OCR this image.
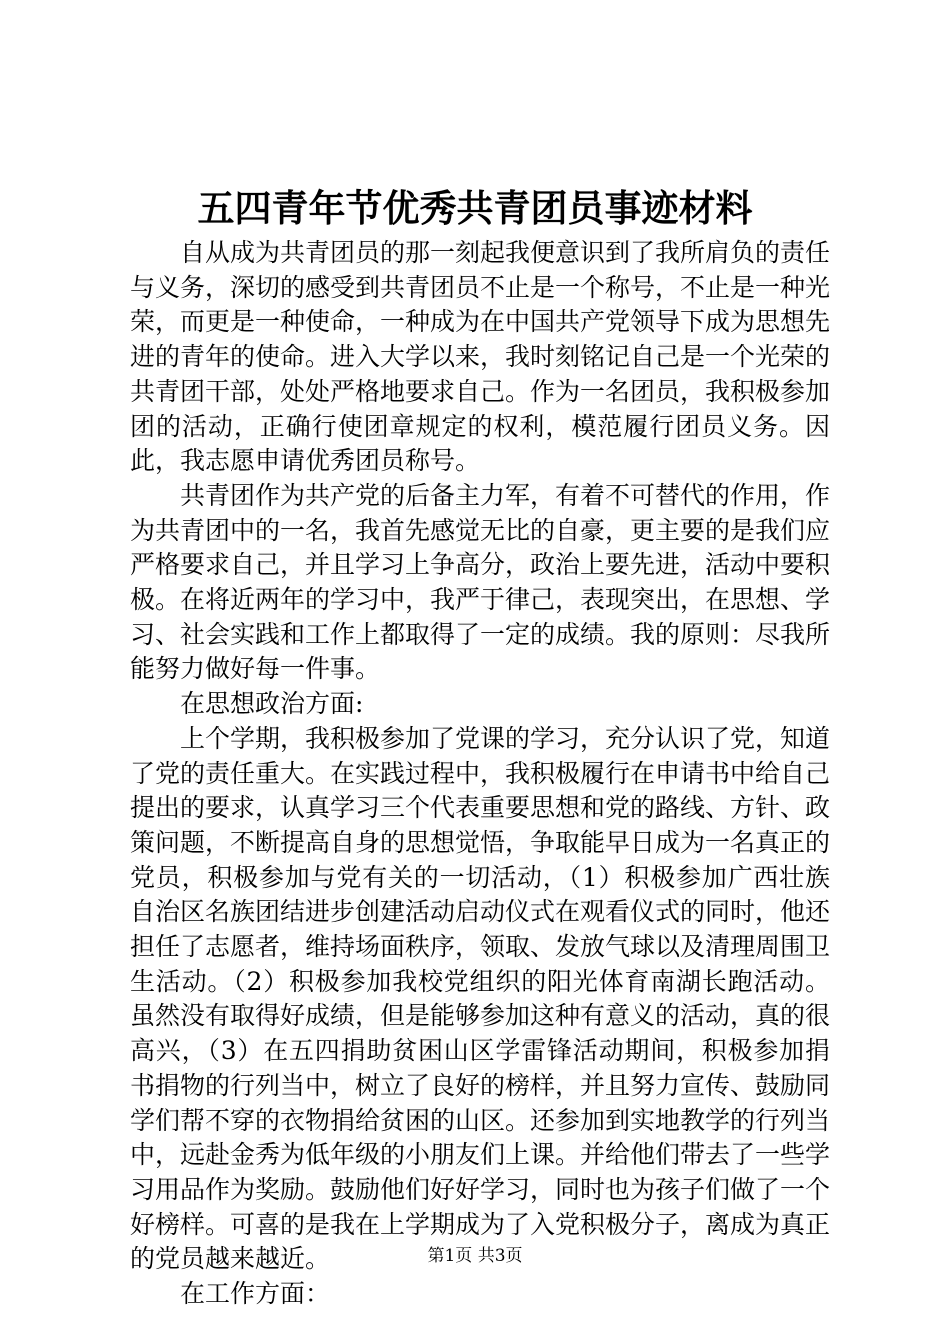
五四青年节优秀共青团员事迹材料

自从成为共青团员的那一刻起我便意识到了我所肩负的责任与义务，深切的感受到共青团员不止是一个称号，不止是一种光荣，而更是一种使命，一种成为在中国共产党领导下成为思想先进的青年的使命。进入大学以来，我时刻铭记自己是一个光荣的共青团干部，处处严格地要求自己。作为一名团员，我积极参加团的活动，正确行使团章规定的权利，模范履行团员义务。因此，我志愿申请优秀团员称号。

共青团作为共产党的后备主力军，有着不可替代的作用，作为共青团中的一名，我首先感觉无比的自豪，更主要的是我们应严格要求自己，并且学习上争高分，政治上要先进，活动中要积极。在将近两年的学习中，我严于律己，表现突出，在思想、学习、社会实践和工作上都取得了一定的成绩。我的原则：尽我所能努力做好每一件事。

在思想政治方面:

上个学期，我积极参加了党课的学习，充分认识了党，知道了党的责任重大。在实践过程中，我积极履行在申请书中给自己提出的要求，认真学习三个代表重要思想和党的路线、方针、政策问题，不断提高自身的思想觉悟，争取能早日成为一名真正的党员，积极参加与党有关的一切活动，（1）积极参加广西壮族自治区名族团结进步创建活动启动仪式在观看仪式的同时，他还担任了志愿者，维持场面秩序，领取、发放气球以及清理周围卫生活动。（2）积极参加我校党组织的阳光体育南湖长跑活动。虽然没有取得好成绩，但是能够参加这种有意义的活动，真的很高兴，（3）在五四捐助贫困山区学雷锋活动期间，积极参加捐书捐物的行列当中，树立了良好的榜样，并且努力宣传、鼓励同学们帮不穿的衣物捐给贫困的山区。还参加到实地教学的行列当中，远赴金秀为低年级的小朋友们上课。并给他们带去了一些学习用品作为奖励。鼓励他们好好学习，同时也为孩子们做了一个好榜样。可喜的是我在上学期成为了入党积极分子，离成为真正的党员越来越近。

在工作方面：

第1页 共3页
